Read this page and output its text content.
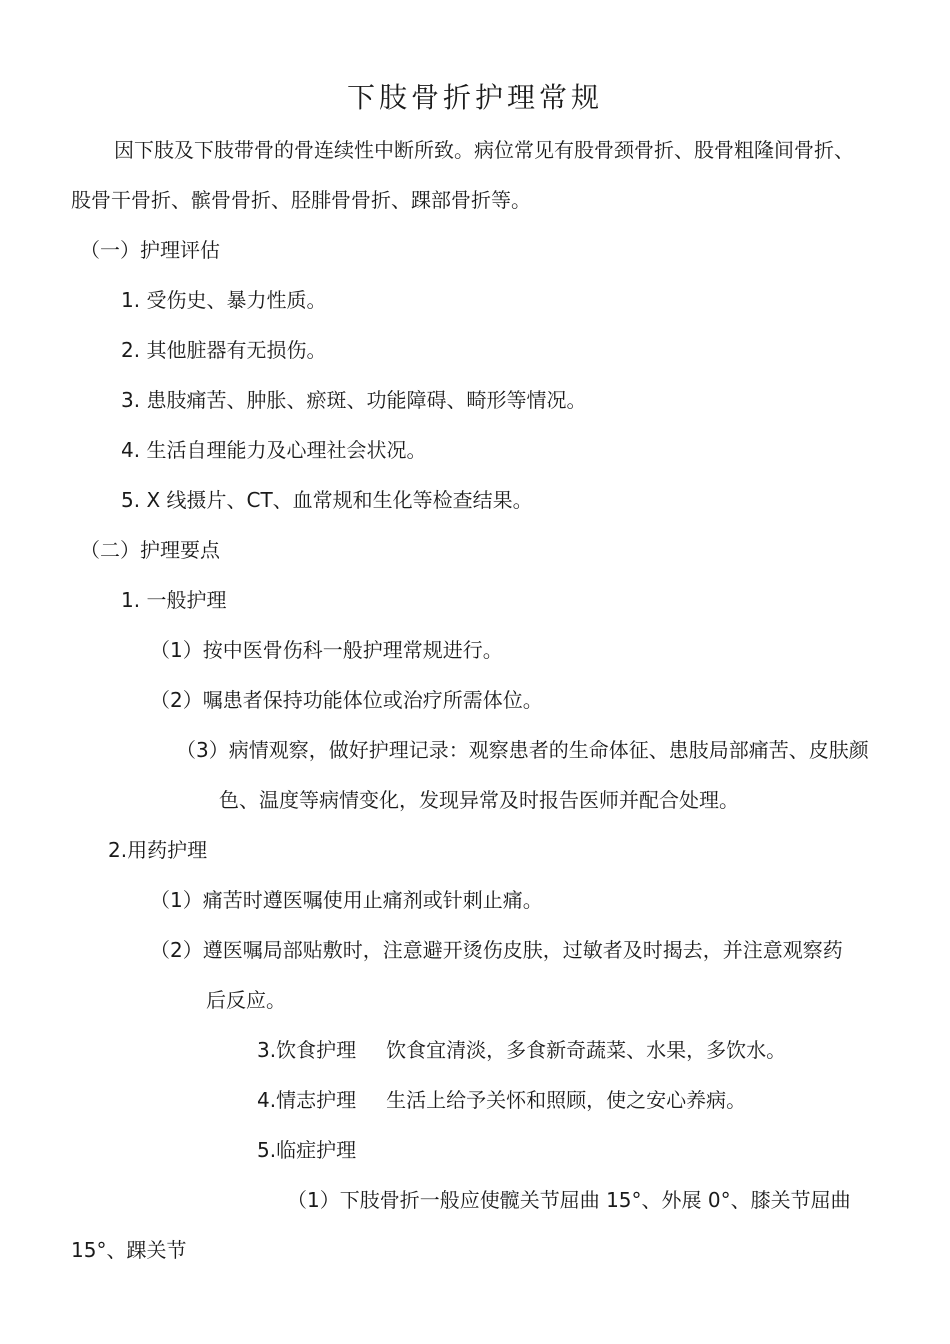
下肢骨折护理常规
因下肢及下肢带骨的骨连续性中断所致。病位常见有股骨颈骨折、股骨粗隆间骨折、
股骨干骨折、髌骨骨折、胫腓骨骨折、踝部骨折等。
（一）护理评估
1. 受伤史、暴力性质。
2. 其他脏器有无损伤。
3. 患肢痛苦、肿胀、瘀斑、功能障碍、畸形等情况。
4. 生活自理能力及心理社会状况。
5. X 线摄片、CT、血常规和生化等检查结果。
（二）护理要点
1. 一般护理
（1）按中医骨伤科一般护理常规进行。
（2）嘱患者保持功能体位或治疗所需体位。
（3）病情观察，做好护理记录：观察患者的生命体征、患肢局部痛苦、皮肤颜
色、温度等病情变化，发现异常及时报告医师并配合处理。
2.用药护理
（1）痛苦时遵医嘱使用止痛剂或针刺止痛。
（2）遵医嘱局部贴敷时，注意避开烫伤皮肤，过敏者及时揭去，并注意观察药
后反应。
3.饮食护理 饮食宜清淡，多食新奇蔬菜、水果，多饮水。
4.情志护理 生活上给予关怀和照顾，使之安心养病。
5.临症护理
（1）下肢骨折一般应使髋关节屈曲 15°、外展 0°、膝关节屈曲
15°、踝关节
